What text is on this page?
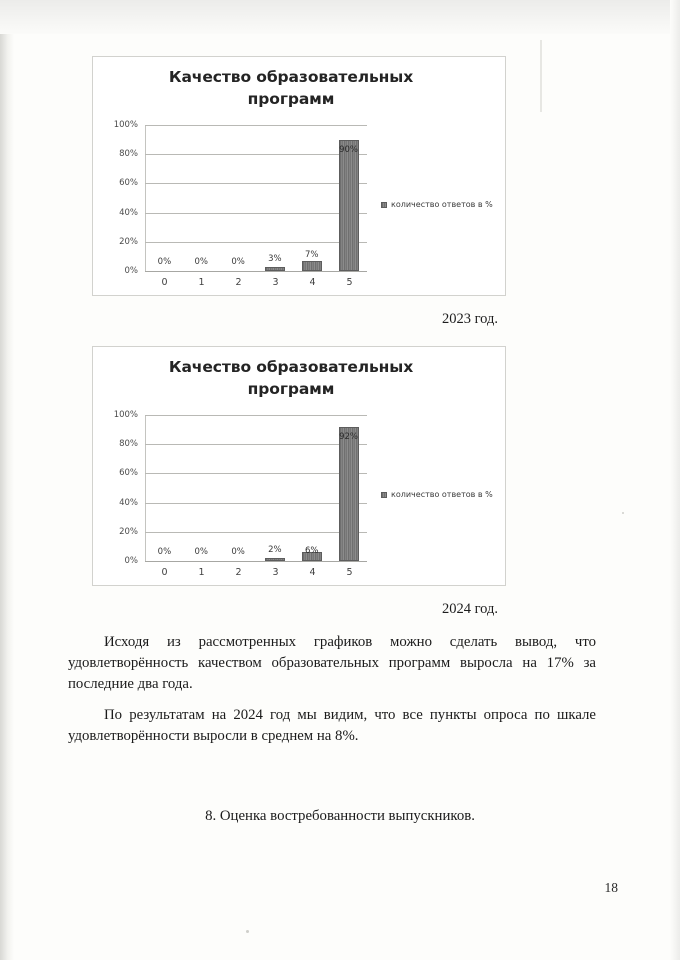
Качество образовательных программ
100%
80%
60%
40%
20%
0%
0%	0%	0%	3%	7%
90%
0	1	2	3	4	5
количество ответов в %
2023 год.
Качество образовательных программ
100%
80%
60%
40%
20%
0%
0%	0%	0%	2%	6%
92%
0	1	2	3	4	5
количество ответов в %
2024 год.

Исходя из рассмотренных графиков можно сделать вывод, что удовлетворённость качеством образовательных программ выросла на 17% за последние два года.

По результатам на 2024 год мы видим, что все пункты опроса по шкале удовлетворённости выросли в среднем на 8%.

8. Оценка востребованности выпускников.
18
